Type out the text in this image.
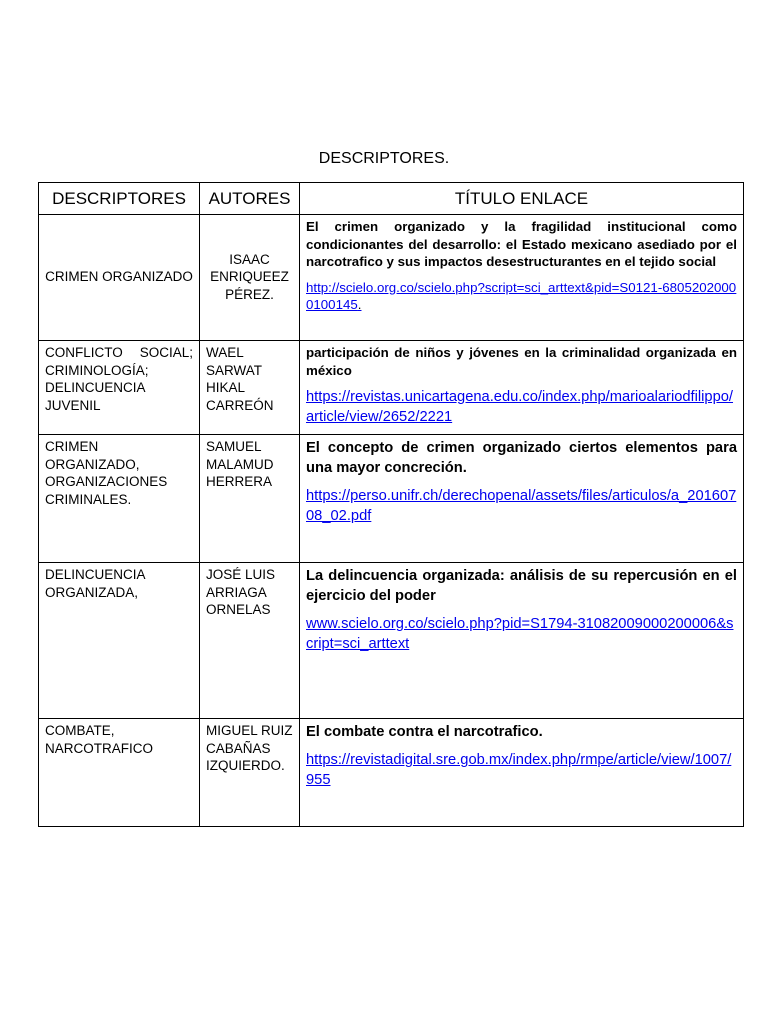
DESCRIPTORES.
DESCRIPTORES	AUTORES	TÍTULO ENLACE
CRIMEN ORGANIZADO	ISAAC ENRIQUEEZ PÉREZ.	El crimen organizado y la fragilidad institucional como condicionantes del desarrollo: el Estado mexicano asediado por el narcotrafico y sus impactos desestructurantes en el tejido social

http://scielo.org.co/scielo.php?script=sci_arttext&pid=S0121-68052020000100145.

CONFLICTO SOCIAL; CRIMINOLOGÍA; DELINCUENCIA JUVENIL	WAEL SARWAT HIKAL CARREÓN	participación de niños y jóvenes en la criminalidad organizada en méxico

https://revistas.unicartagena.edu.co/index.php/marioalariodfilippo/article/view/2652/2221

CRIMEN ORGANIZADO, ORGANIZACIONES CRIMINALES.	SAMUEL MALAMUD HERRERA	El concepto de crimen organizado ciertos elementos para una mayor concreción.

https://perso.unifr.ch/derechopenal/assets/files/articulos/a_20160708_02.pdf

DELINCUENCIA ORGANIZADA,	JOSÉ LUIS ARRIAGA ORNELAS	La delincuencia organizada: análisis de su repercusión en el ejercicio del poder

www.scielo.org.co/scielo.php?pid=S1794-31082009000200006&script=sci_arttext

COMBATE, NARCOTRAFICO	MIGUEL RUIZ CABAÑAS IZQUIERDO.	El combate contra el narcotrafico.

https://revistadigital.sre.gob.mx/index.php/rmpe/article/view/1007/955
